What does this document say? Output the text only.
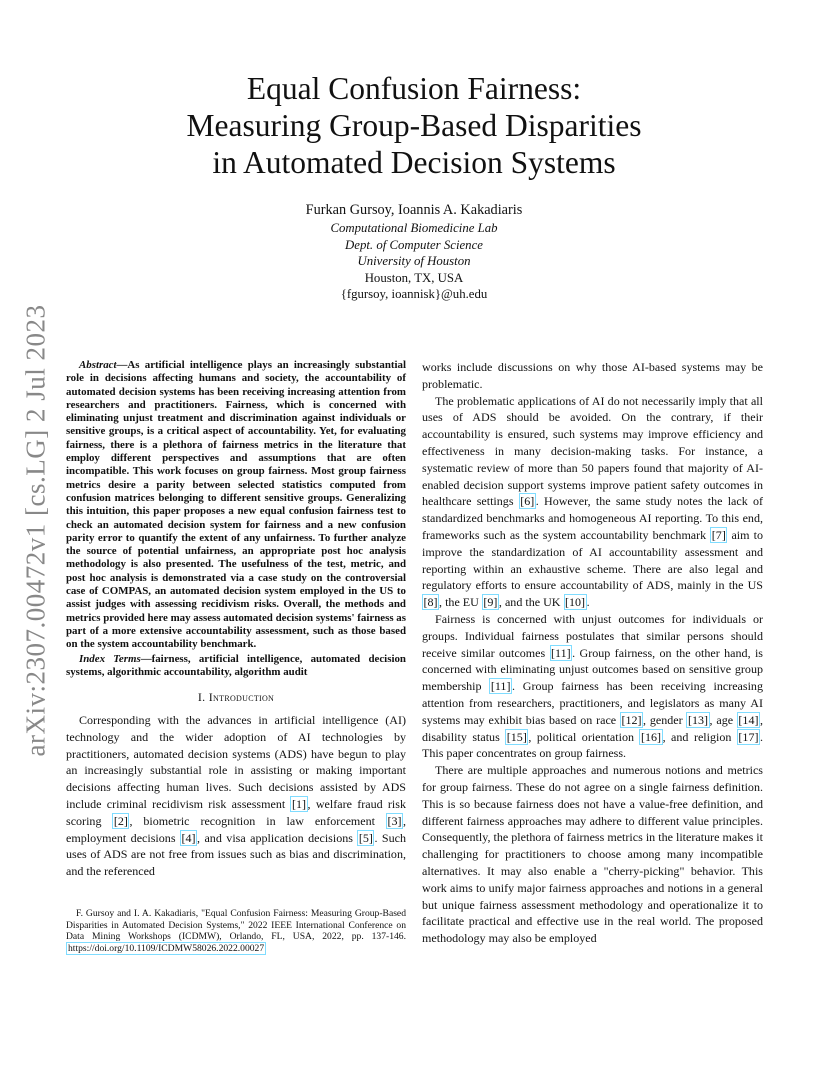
arXiv:2307.00472v1 [cs.LG] 2 Jul 2023
Equal Confusion Fairness:
Measuring Group-Based Disparities
in Automated Decision Systems
Furkan Gursoy, Ioannis A. Kakadiaris
Computational Biomedicine Lab
Dept. of Computer Science
University of Houston
Houston, TX, USA
{fgursoy, ioannisk}@uh.edu

Abstract—As artificial intelligence plays an increasingly substantial role in decisions affecting humans and society, the accountability of automated decision systems has been receiving increasing attention from researchers and practitioners. Fairness, which is concerned with eliminating unjust treatment and discrimination against individuals or sensitive groups, is a critical aspect of accountability. Yet, for evaluating fairness, there is a plethora of fairness metrics in the literature that employ different perspectives and assumptions that are often incompatible. This work focuses on group fairness. Most group fairness metrics desire a parity between selected statistics computed from confusion matrices belonging to different sensitive groups. Generalizing this intuition, this paper proposes a new equal confusion fairness test to check an automated decision system for fairness and a new confusion parity error to quantify the extent of any unfairness. To further analyze the source of potential unfairness, an appropriate post hoc analysis methodology is also presented. The usefulness of the test, metric, and post hoc analysis is demonstrated via a case study on the controversial case of COMPAS, an automated decision system employed in the US to assist judges with assessing recidivism risks. Overall, the methods and metrics provided here may assess automated decision systems' fairness as part of a more extensive accountability assessment, such as those based on the system accountability benchmark.

Index Terms—fairness, artificial intelligence, automated decision systems, algorithmic accountability, algorithm audit

I. Introduction

Corresponding with the advances in artificial intelligence (AI) technology and the wider adoption of AI technologies by practitioners, automated decision systems (ADS) have begun to play an increasingly substantial role in assisting or making important decisions affecting human lives. Such decisions assisted by ADS include criminal recidivism risk assessment [1] , welfare fraud risk scoring [2] , biometric recognition in law enforcement [3] , employment decisions [4] , and visa application decisions [5] . Such uses of ADS are not free from issues such as bias and discrimination, and the referenced

works include discussions on why those AI-based systems may be problematic.

The problematic applications of AI do not necessarily imply that all uses of ADS should be avoided. On the contrary, if their accountability is ensured, such systems may improve efficiency and effectiveness in many decision-making tasks. For instance, a systematic review of more than 50 papers found that majority of AI-enabled decision support systems improve patient safety outcomes in healthcare settings [6] . However, the same study notes the lack of standardized benchmarks and homogeneous AI reporting. To this end, frameworks such as the system accountability benchmark [7] aim to improve the standardization of AI accountability assessment and reporting within an exhaustive scheme. There are also legal and regulatory efforts to ensure accountability of ADS, mainly in the US [8] , the EU [9] , and the UK [10] .

Fairness is concerned with unjust outcomes for individuals or groups. Individual fairness postulates that similar persons should receive similar outcomes [11] . Group fairness, on the other hand, is concerned with eliminating unjust outcomes based on sensitive group membership [11] . Group fairness has been receiving increasing attention from researchers, practitioners, and legislators as many AI systems may exhibit bias based on race [12] , gender [13] , age [14] , disability status [15] , political orientation [16] , and religion [17] . This paper concentrates on group fairness.

There are multiple approaches and numerous notions and metrics for group fairness. These do not agree on a single fairness definition. This is so because fairness does not have a value-free definition, and different fairness approaches may adhere to different value principles. Consequently, the plethora of fairness metrics in the literature makes it challenging for practitioners to choose among many incompatible alternatives. It may also enable a "cherry-picking" behavior. This work aims to unify major fairness approaches and notions in a general but unique fairness assessment methodology and operationalize it to facilitate practical and effective use in the real world. The proposed methodology may also be employed

F. Gursoy and I. A. Kakadiaris, "Equal Confusion Fairness: Measuring Group-Based Disparities in Automated Decision Systems," 2022 IEEE International Conference on Data Mining Workshops (ICDMW), Orlando, FL, USA, 2022, pp. 137-146. https://doi.org/10.1109/ICDMW58026.2022.00027
